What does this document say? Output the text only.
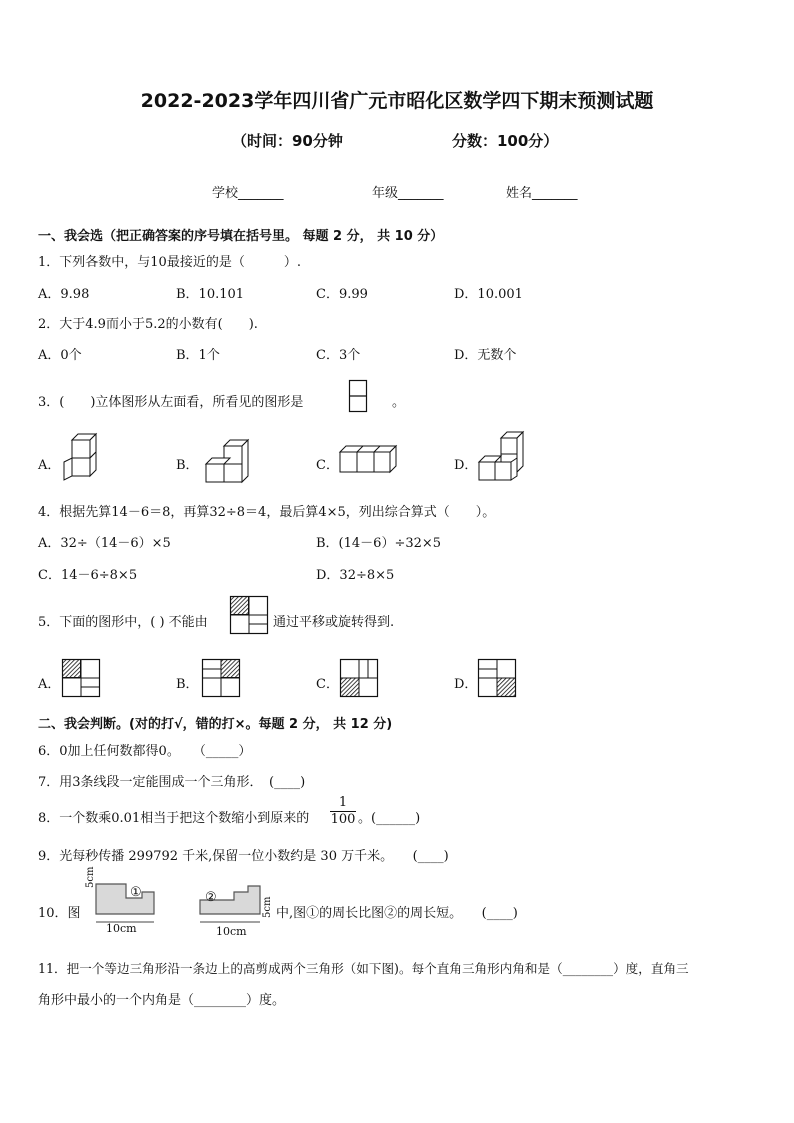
2022-2023学年四川省广元市昭化区数学四下期末预测试题
（时间：90分钟	分数：100分）
学校_______	年级_______	姓名_______
一、我会选（把正确答案的序号填在括号里。 每题 2 分， 共 10 分）
1．下列各数中，与10最接近的是（　　　）.
A．9.98	B．10.101	C．9.99	D．10.001
2．大于4.9而小于5.2的小数有(　　).
A．0个	B．1个	C．3个	D．无数个
3．(　　)立体图形从左面看，所看见的图形是	。
A．	B．	C．	D．
4．根据先算14－6＝8，再算32÷8＝4，最后算4×5，列出综合算式（　　）。
A．32÷（14－6）×5	B．(14－6）÷32×5
C．14－6÷8×5	D．32÷8×5
5．下面的图形中，( ) 不能由	通过平移或旋转得到.
A．	B．	C．	D．
二、我会判断。(对的打√，错的打×。每题 2 分， 共 12 分)
6．0加上任何数都得0。　　（_____）
7．用3条线段一定能围成一个三角形．　(____)
8．一个数乘0.01相当于把这个数缩小到原来的 $\frac{1}{100}$ 。(______)
9．光每秒传播 299792 千米,保留一位小数约是 30 万千米。　　(____)
10．图
5cm
①
10cm
②	5cm
10cm
中,图①的周长比图②的周长短。　　(____)
11．把一个等边三角形沿一条边上的高剪成两个三角形（如下图)。每个直角三角形内角和是（________）度，直角三
角形中最小的一个内角是（________）度。
